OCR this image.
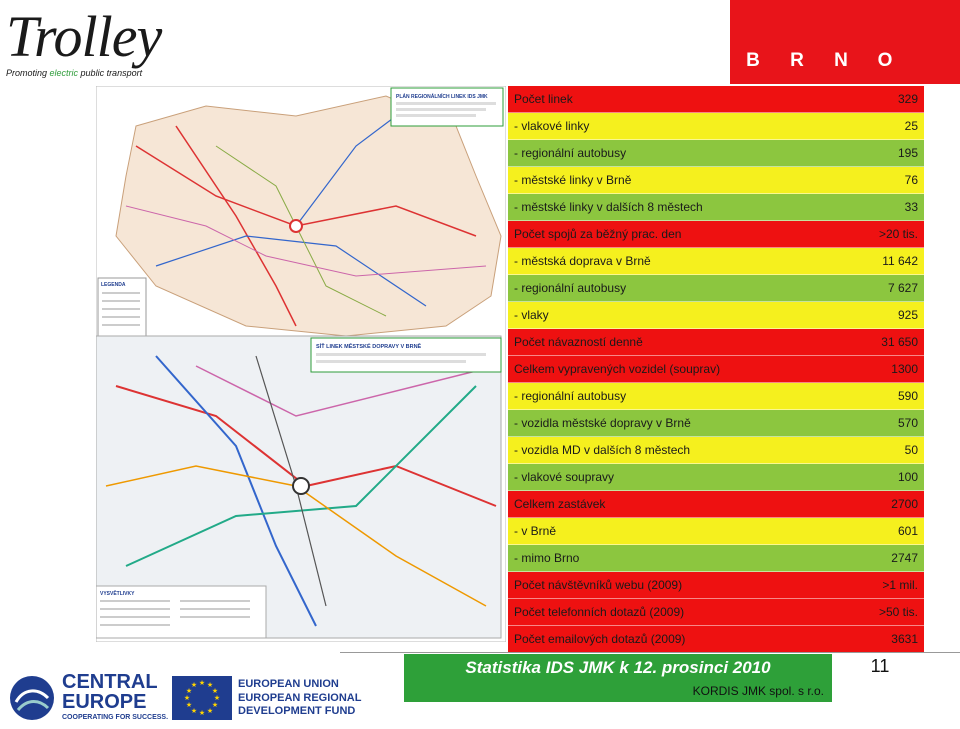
Trolley
Promoting electric public transport
B R N O
PLÁN REGIONÁLNÍCH LINEK IDS JMK
LEGENDA
SÍŤ LINEK MĚSTSKÉ DOPRAVY V BRNĚ
VYSVĚTLIVKY
Počet linek	329
- vlakové linky	25
- regionální autobusy	195
- městské linky v Brně	76
- městské linky v dalších 8 městech	33
Počet spojů za běžný prac. den	>20 tis.
- městská doprava v Brně	11 642
- regionální autobusy	7 627
- vlaky	925
Počet návazností denně	31 650
Celkem vypravených vozidel (souprav)	1300
- regionální autobusy	590
- vozidla městské dopravy v Brně	570
- vozidla MD v dalších 8 městech	50
- vlakové soupravy	100
Celkem zastávek	2700
- v Brně	601
- mimo Brno	2747
Počet návštěvníků webu (2009)	>1 mil.
Počet telefonních dotazů (2009)	>50 tis.
Počet emailových dotazů (2009)	3631
Statistika IDS JMK k 12. prosinci 2010
KORDIS JMK spol. s r.o.
11
CENTRAL
EUROPE
COOPERATING FOR SUCCESS.
★ ★
★
★
★
★
★
★
★
★
★
★	EUROPEAN UNION
EUROPEAN REGIONAL
DEVELOPMENT FUND
